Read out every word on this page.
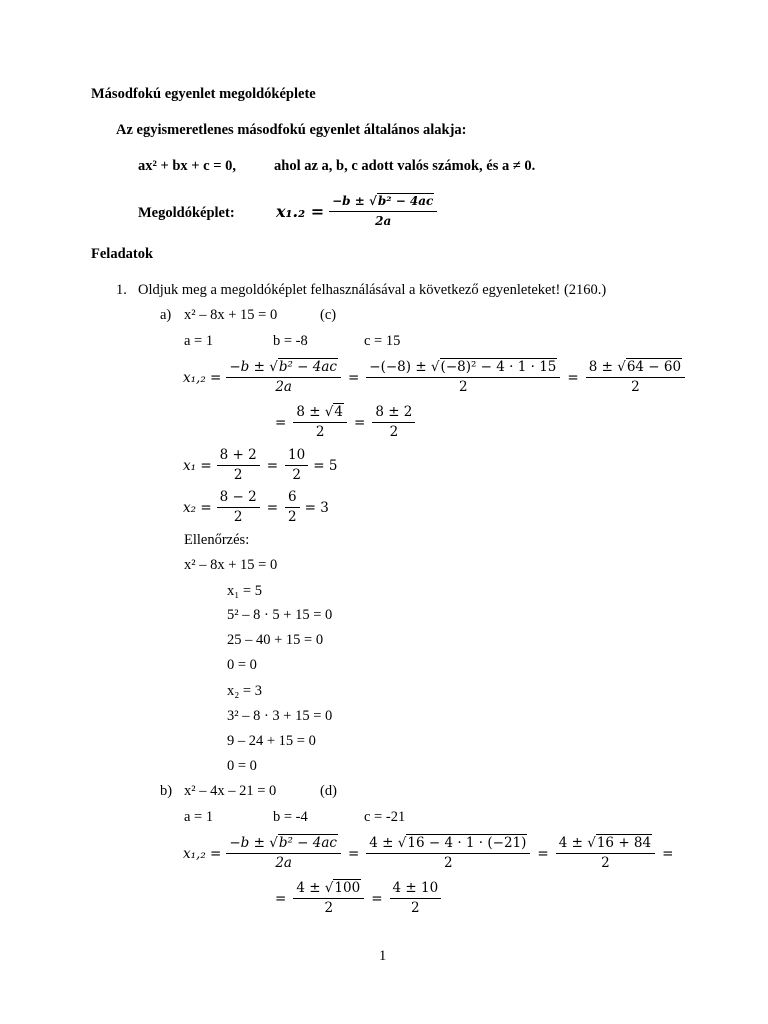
Másodfokú egyenlet megoldóképlete
Az egyismeretlenes másodfokú egyenlet általános alakja:
ax² + bx + c = 0,	ahol az a, b, c adott valós számok, és a ≠ 0.
Megoldóképlet:	$x_1._2 = \frac{\text{−b ± √b² − 4ac}}{2a}$
Feladatok
1. Oldjuk meg a megoldóképlet felhasználásával a következő egyenleteket! (2160.)
a) x² – 8x + 15 = 0	(c)
a = 1	b = -8	c = 15
$x_1,_2 = \frac{\text{−b ± √b² − 4ac}}{2a} = \frac{\text{−(−8) ± √(−8)² − 4 · 1 · 15}}{2} = \frac{8 \pm √64 - 60}{2}$
= $\frac{8 \pm √4}{2} = \frac{8 \pm 2}{2}$
$x_1 = \frac{8 + 2}{2} = \frac{10}{2} = 5$
$x_2 = \frac{8 - 2}{2} = \frac{6}{2} = 3$
Ellenőrzés:
x² – 8x + 15 = 0
x₁ = 5
5² – 8 · 5 + 15 = 0
25 – 40 + 15 = 0
0 = 0
x₂ = 3
3² – 8 · 3 + 15 = 0
9 – 24 + 15 = 0
0 = 0
b) x² – 4x – 21 = 0	(d)
a = 1	b = -4	c = -21
$x_1,_2 = \frac{\text{−b ± √b² − 4ac}}{2a} = \frac{4 \pm √16 - 4 \cdot 1 \cdot (-21)}{2} = \frac{4 \pm √16 + 84}{2}$ =
= $\frac{4 \pm √100}{2} = \frac{4 \pm 10}{2}$
1
